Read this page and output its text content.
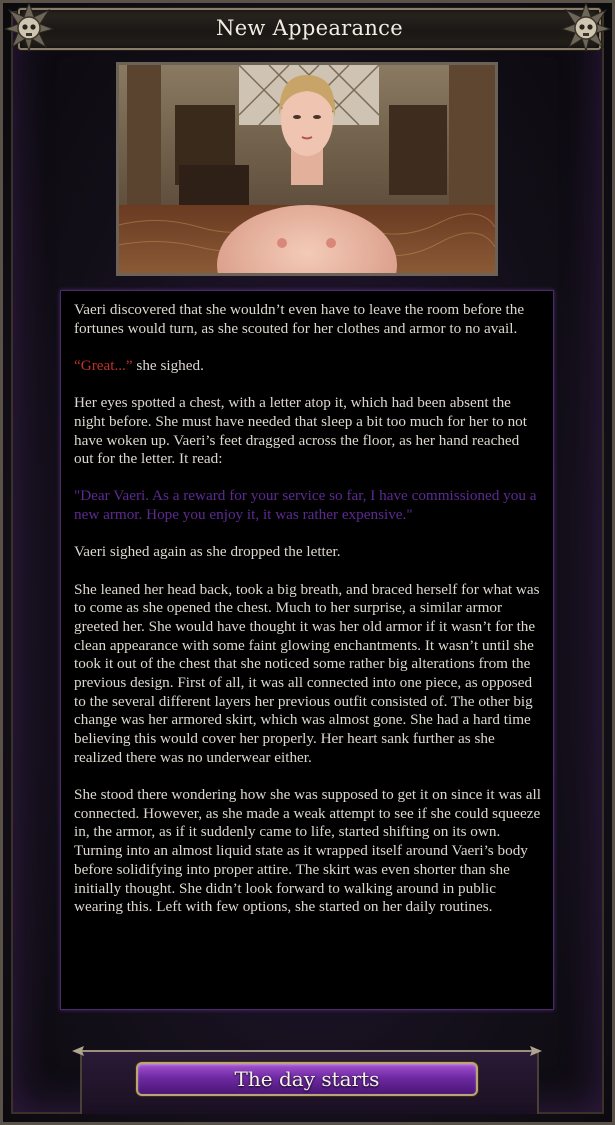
New Appearance

Vaeri discovered that she wouldn’t even have to leave the room before the fortunes would turn, as she scouted for her clothes and armor to no avail.

“Great...” she sighed.

Her eyes spotted a chest, with a letter atop it, which had been absent the night before. She must have needed that sleep a bit too much for her to not have woken up. Vaeri’s feet dragged across the floor, as her hand reached out for the letter. It read:

"Dear Vaeri. As a reward for your service so far, I have commissioned you a new armor. Hope you enjoy it, it was rather expensive."

Vaeri sighed again as she dropped the letter.

She leaned her head back, took a big breath, and braced herself for what was to come as she opened the chest. Much to her surprise, a similar armor greeted her. She would have thought it was her old armor if it wasn’t for the clean appearance with some faint glowing enchantments. It wasn’t until she took it out of the chest that she noticed some rather big alterations from the previous design. First of all, it was all connected into one piece, as opposed to the several different layers her previous outfit consisted of. The other big change was her armored skirt, which was almost gone. She had a hard time believing this would cover her properly. Her heart sank further as she realized there was no underwear either.

She stood there wondering how she was supposed to get it on since it was all connected. However, as she made a weak attempt to see if she could squeeze in, the armor, as if it suddenly came to life, started shifting on its own. Turning into an almost liquid state as it wrapped itself around Vaeri’s body before solidifying into proper attire. The skirt was even shorter than she initially thought. She didn’t look forward to walking around in public wearing this. Left with few options, she started on her daily routines.

The day starts
